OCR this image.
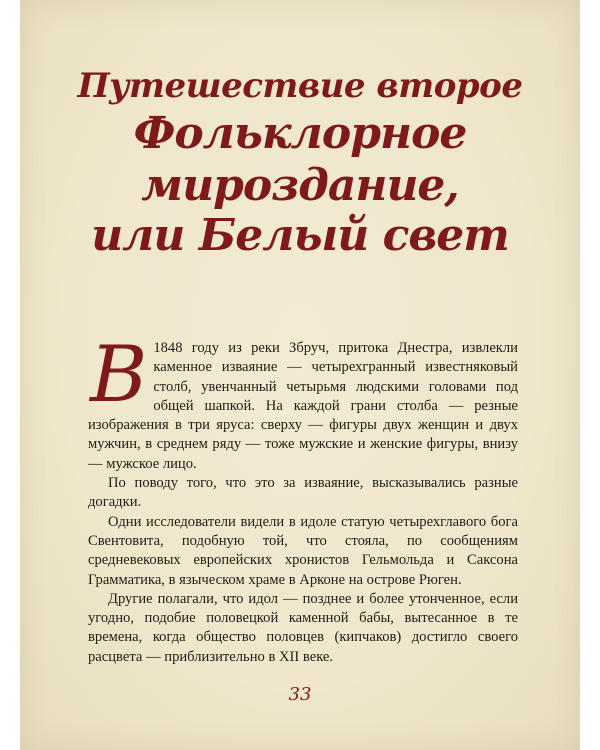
Путешествие второе
Фольклорное
мироздание,
или Белый свет

В 1848 году из реки Збруч, притока Днестра, извлекли каменное изваяние — четырехгранный известняковый столб, увенчанный четырьмя людскими головами под общей шапкой. На каждой грани столба — резные изображения в три яруса: сверху — фигуры двух женщин и двух мужчин, в среднем ряду — тоже мужские и женские фигуры, внизу — мужское лицо.

По поводу того, что это за изваяние, высказывались разные догадки.

Одни исследователи видели в идоле статую четырехглавого бога Свентовита, подобную той, что стояла, по сообщениям средневековых европейских хронистов Гельмольда и Саксона Грамматика, в языческом храме в Арконе на острове Рюген.

Другие полагали, что идол — позднее и более утонченное, если угодно, подобие половецкой каменной бабы, вытесанное в те времена, когда общество половцев (кипчаков) достигло своего расцвета — приблизительно в XII веке.

33
